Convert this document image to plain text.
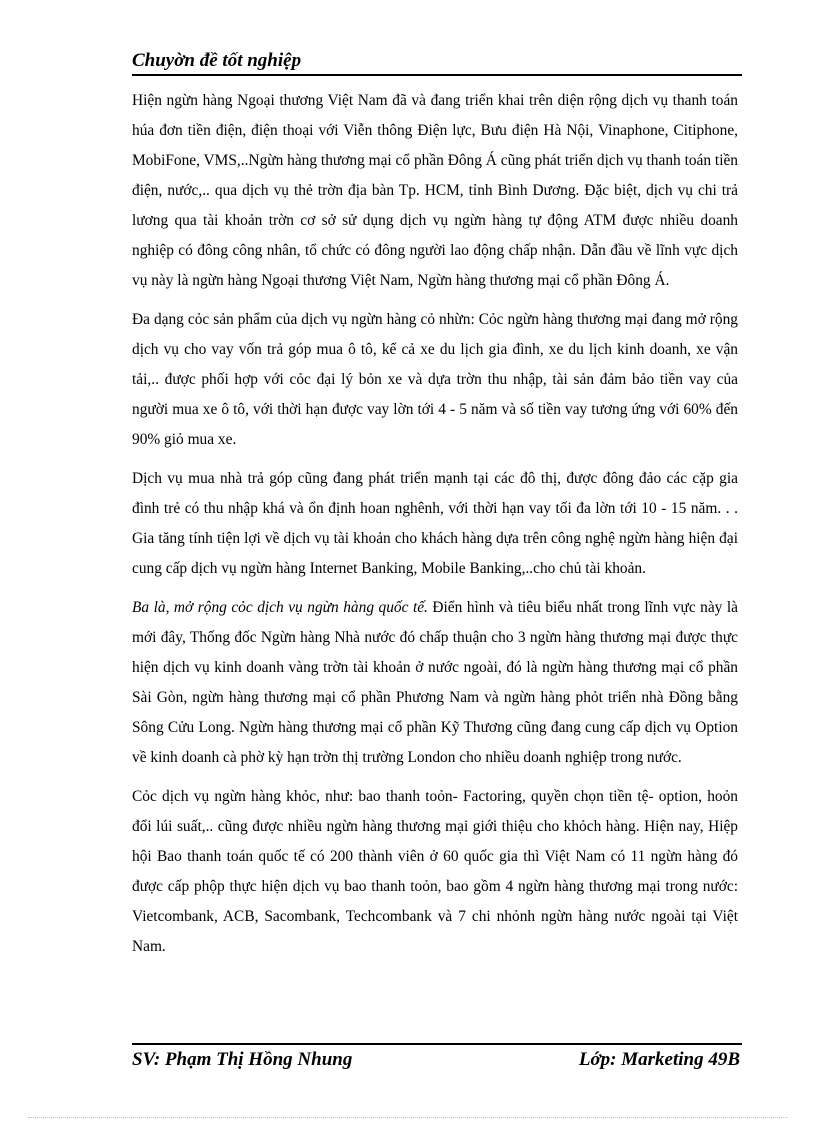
Chuyờn đề tốt nghiệp

Hiện ngừn hàng Ngoại thương Việt Nam đã và đang triển khai trên diện rộng dịch vụ thanh toán húa đơn tiền điện, điện thoại với Viễn thông Điện lực, Bưu điện Hà Nội, Vinaphone, Citiphone, MobiFone, VMS,..Ngừn hàng thương mại cổ phần Đông Á cũng phát triển dịch vụ thanh toán tiền điện, nước,.. qua dịch vụ thẻ trờn địa bàn Tp. HCM, tỉnh Bình Dương. Đặc biệt, dịch vụ chi trả lương qua tài khoản trờn cơ sở sử dụng dịch vụ ngừn hàng tự động ATM được nhiều doanh nghiệp có đông công nhân, tổ chức có đông người lao động chấp nhận. Dẫn đầu về lĩnh vực dịch vụ này là ngừn hàng Ngoại thương Việt Nam, Ngừn hàng thương mại cổ phần Đông Á.

Đa dạng cỏc sản phẩm của dịch vụ ngừn hàng cỏ nhừn: Cỏc ngừn hàng thương mại đang mở rộng dịch vụ cho vay vốn trả góp mua ô tô, kể cả xe du lịch gia đình, xe du lịch kinh doanh, xe vận tải,.. được phối hợp với cỏc đại lý bỏn xe và dựa trờn thu nhập, tài sản đảm bảo tiền vay của người mua xe ô tô, với thời hạn được vay lờn tới 4 - 5 năm và số tiền vay tương ứng với 60% đến 90% giỏ mua xe.

Dịch vụ mua nhà trả góp cũng đang phát triển mạnh tại các đô thị, được đông đảo các cặp gia đình trẻ có thu nhập khá và ổn định hoan nghênh, với thời hạn vay tối đa lờn tới 10 - 15 năm. . . Gia tăng tính tiện lợi về dịch vụ tài khoản cho khách hàng dựa trên công nghệ ngừn hàng hiện đại cung cấp dịch vụ ngừn hàng Internet Banking, Mobile Banking,..cho chủ tài khoản.

Ba là, mở rộng cỏc dịch vụ ngừn hàng quốc tế. Điển hình và tiêu biểu nhất trong lĩnh vực này là mới đây, Thống đốc Ngừn hàng Nhà nước đó chấp thuận cho 3 ngừn hàng thương mại được thực hiện dịch vụ kinh doanh vàng trờn tài khoản ở nước ngoài, đó là ngừn hàng thương mại cổ phần Sài Gòn, ngừn hàng thương mại cổ phần Phương Nam và ngừn hàng phỏt triển nhà Đồng bằng Sông Cửu Long. Ngừn hàng thương mại cổ phần Kỹ Thương cũng đang cung cấp dịch vụ Option về kinh doanh cà phờ kỳ hạn trờn thị trường London cho nhiều doanh nghiệp trong nước.

Cỏc dịch vụ ngừn hàng khỏc, như: bao thanh toỏn- Factoring, quyền chọn tiền tệ- option, hoỏn đổi lúi suất,.. cũng được nhiều ngừn hàng thương mại giới thiệu cho khỏch hàng. Hiện nay, Hiệp hội Bao thanh toán quốc tế có 200 thành viên ở 60 quốc gia thì Việt Nam có 11 ngừn hàng đó được cấp phộp thực hiện dịch vụ bao thanh toỏn, bao gồm 4 ngừn hàng thương mại trong nước: Vietcombank, ACB, Sacombank, Techcombank và 7 chi nhỏnh ngừn hàng nước ngoài tại Việt Nam.

SV: Phạm Thị Hồng Nhung	Lớp: Marketing 49B
